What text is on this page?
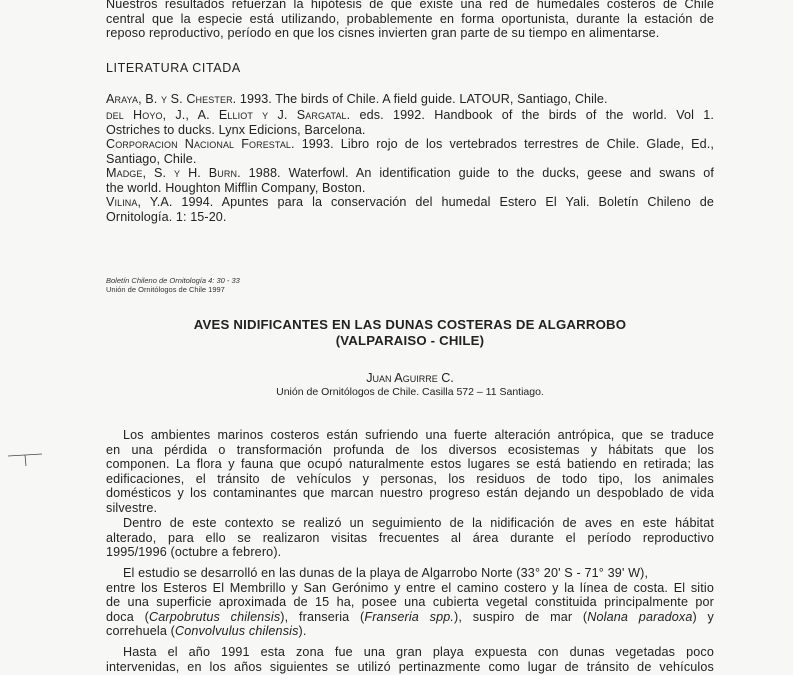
Nuestros resultados refuerzan la hipótesis de que existe una red de humedales costeros de Chile
central que la especie está utilizando, probablemente en forma oportunista, durante la estación de
reposo reproductivo, período en que los cisnes invierten gran parte de su tiempo en alimentarse.
LITERATURA CITADA
Araya, B. y S. Chester. 1993. The birds of Chile. A field guide. LATOUR, Santiago, Chile.
del Hoyo, J., A. Elliot y J. Sargatal. eds. 1992. Handbook of the birds of the world. Vol 1.
Ostriches to ducks. Lynx Edicions, Barcelona.
Corporacion Nacional Forestal. 1993. Libro rojo de los vertebrados terrestres de Chile. Glade, Ed.,
Santiago, Chile.
Madge, S. y H. Burn. 1988. Waterfowl. An identification guide to the ducks, geese and swans of
the world. Houghton Mifflin Company, Boston.
Vilina, Y.A. 1994. Apuntes para la conservación del humedal Estero El Yali. Boletín Chileno de
Ornitología. 1: 15-20.
Boletín Chileno de Ornitología 4: 30 - 33
Unión de Ornitólogos de Chile 1997
AVES NIDIFICANTES EN LAS DUNAS COSTERAS DE ALGARROBO
(VALPARAISO - CHILE)
Juan Aguirre C.
Unión de Ornitólogos de Chile. Casilla 572 – 11 Santiago.
Los ambientes marinos costeros están sufriendo una fuerte alteración antrópica, que se traduce
en una pérdida o transformación profunda de los diversos ecosistemas y hábitats que los
componen. La flora y fauna que ocupó naturalmente estos lugares se está batiendo en retirada; las
edificaciones, el tránsito de vehículos y personas, los residuos de todo tipo, los animales
domésticos y los contaminantes que marcan nuestro progreso están dejando un despoblado de vida
silvestre.
Dentro de este contexto se realizó un seguimiento de la nidificación de aves en este hábitat
alterado, para ello se realizaron visitas frecuentes al área durante el período reproductivo
1995/1996 (octubre a febrero).
El estudio se desarrolló en las dunas de la playa de Algarrobo Norte (33° 20' S - 71° 39' W),
entre los Esteros El Membrillo y San Gerónimo y entre el camino costero y la línea de costa. El sitio
de una superficie aproximada de 15 ha, posee una cubierta vegetal constituida principalmente por
doca (Carpobrutus chilensis), franseria (Franseria spp.), suspiro de mar (Nolana paradoxa) y
correhuela (Convolvulus chilensis).
Hasta el año 1991 esta zona fue una gran playa expuesta con dunas vegetadas poco
intervenidas, en los años siguientes se utilizó pertinazmente como lugar de tránsito de vehículos
